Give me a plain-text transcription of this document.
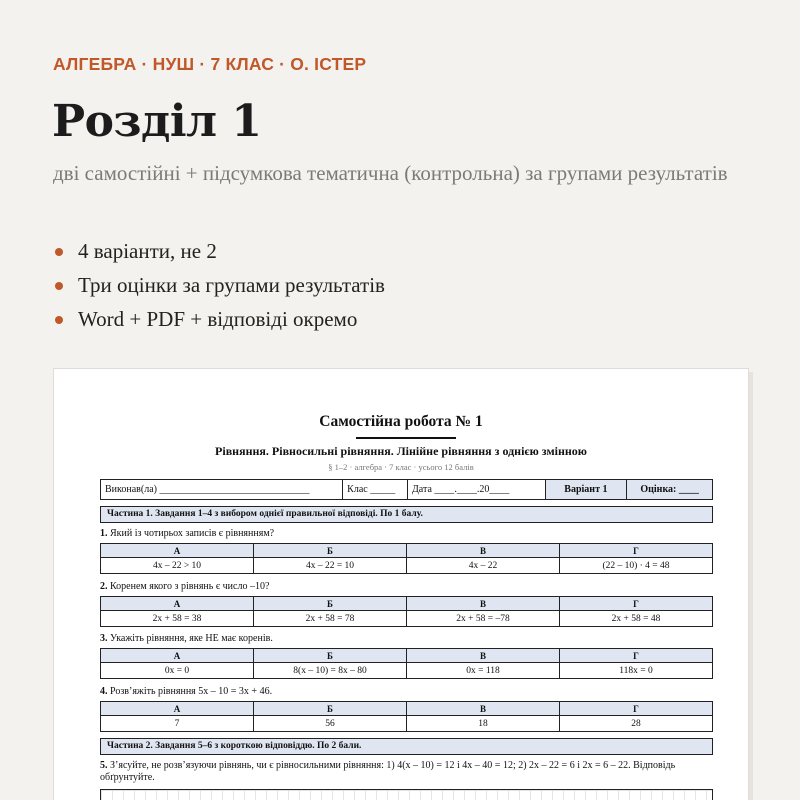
АЛГЕБРА · НУШ · 7 КЛАС · О. ІСТЕР
Розділ 1
дві самостійні + підсумкова тематична (контрольна) за групами результатів
4 варіанти, не 2
Три оцінки за групами результатів
Word + PDF + відповіді окремо
Самостійна робота № 1
Рівняння. Рівносильні рівняння. Лінійне рівняння з однією змінною
§ 1–2 · алгебра · 7 клас · усього 12 балів
Виконав(ла) ______________________________	Клас _____	Дата ____.____.20____	Варіант 1	Оцінка: ____
Частина 1. Завдання 1–4 з вибором однієї правильної відповіді. По 1 балу.
1. Який із чотирьох записів є рівнянням?
А	Б	В	Г
4x – 22 > 10	4x – 22 = 10	4x – 22	(22 – 10) · 4 = 48
2. Коренем якого з рівнянь є число –10?
А	Б	В	Г
2x + 58 = 38	2x + 58 = 78	2x + 58 = –78	2x + 58 = 48
3. Укажіть рівняння, яке НЕ має коренів.
А	Б	В	Г
0x = 0	8(x – 10) = 8x – 80	0x = 118	118x = 0
4. Розв’яжіть рівняння 5x – 10 = 3x + 46.
А	Б	В	Г
7	56	18	28
Частина 2. Завдання 5–6 з короткою відповіддю. По 2 бали.
5. З’ясуйте, не розв’язуючи рівнянь, чи є рівносильними рівняння: 1) 4(x – 10) = 12 і 4x – 40 = 12; 2) 2x – 22 = 6 і 2x = 6 – 22. Відповідь обґрунтуйте.
